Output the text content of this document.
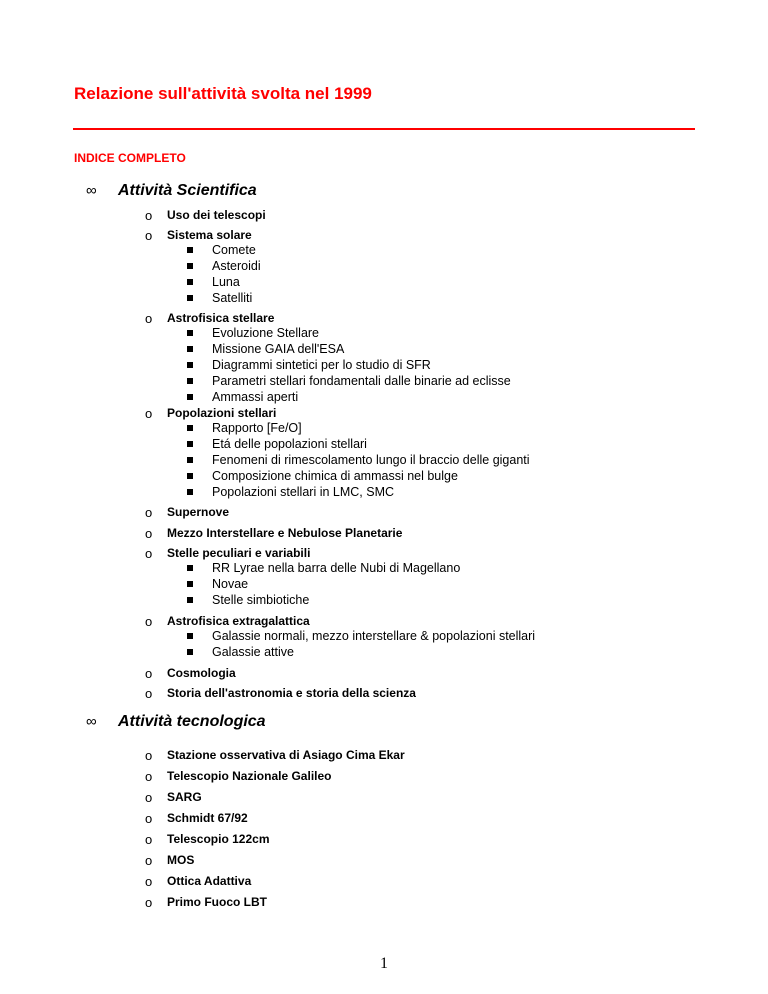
Relazione sull'attività svolta nel 1999
INDICE COMPLETO
∞ Attività Scientifica
o Uso dei telescopi
o Sistema solare
Comete
Asteroidi
Luna
Satelliti
o Astrofisica stellare
Evoluzione Stellare
Missione GAIA dell'ESA
Diagrammi sintetici per lo studio di SFR
Parametri stellari fondamentali dalle binarie ad eclisse
Ammassi aperti
o Popolazioni stellari
Rapporto [Fe/O]
Etá delle popolazioni stellari
Fenomeni di rimescolamento lungo il braccio delle giganti
Composizione chimica di ammassi nel bulge
Popolazioni stellari in LMC, SMC
o Supernove
o Mezzo Interstellare e Nebulose Planetarie
o Stelle peculiari e variabili
RR Lyrae nella barra delle Nubi di Magellano
Novae
Stelle simbiotiche
o Astrofisica extragalattica
Galassie normali, mezzo interstellare & popolazioni stellari
Galassie attive
o Cosmologia
o Storia dell'astronomia e storia della scienza
∞ Attività tecnologica
o Stazione osservativa di Asiago Cima Ekar
o Telescopio Nazionale Galileo
o SARG
o Schmidt 67/92
o Telescopio 122cm
o MOS
o Ottica Adattiva
o Primo Fuoco LBT
1
